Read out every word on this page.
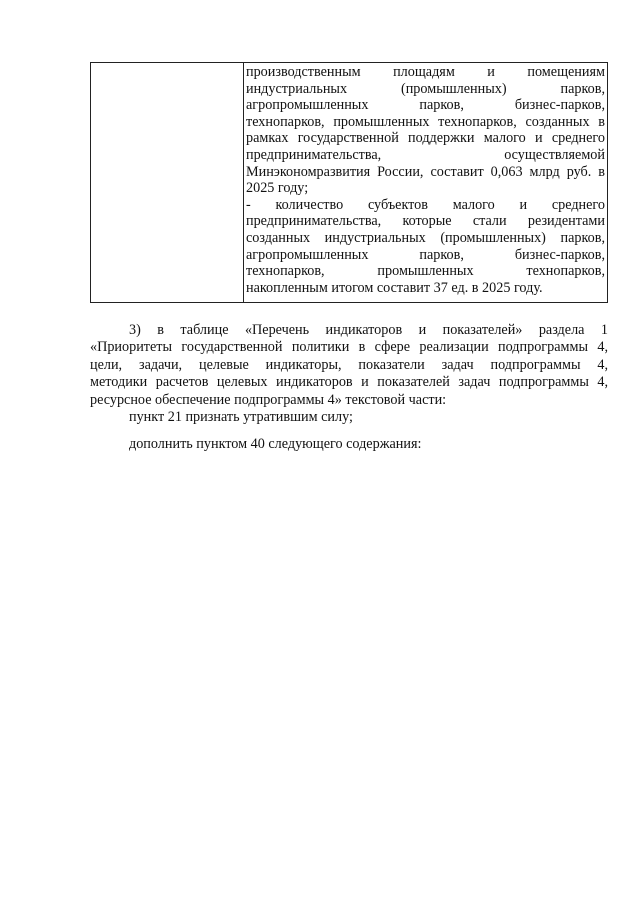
производственным площадям и помещениям
индустриальных (промышленных) парков,
агропромышленных парков, бизнес-парков,
технопарков, промышленных технопарков, созданных в
рамках государственной поддержки малого и среднего
предпринимательства, осуществляемой
Минэкономразвития России, составит 0,063 млрд руб. в
2025 году;
- количество субъектов малого и среднего
предпринимательства, которые стали резидентами
созданных индустриальных (промышленных) парков,
агропромышленных парков, бизнес-парков,
технопарков, промышленных технопарков,
накопленным итогом составит 37 ед. в 2025 году.
3) в таблице «Перечень индикаторов и показателей» раздела 1
«Приоритеты государственной политики в сфере реализации подпрограммы 4,
цели, задачи, целевые индикаторы, показатели задач подпрограммы 4,
методики расчетов целевых индикаторов и показателей задач подпрограммы 4,
ресурсное обеспечение подпрограммы 4» текстовой части:
пункт 21 признать утратившим силу;
дополнить пунктом 40 следующего содержания:
